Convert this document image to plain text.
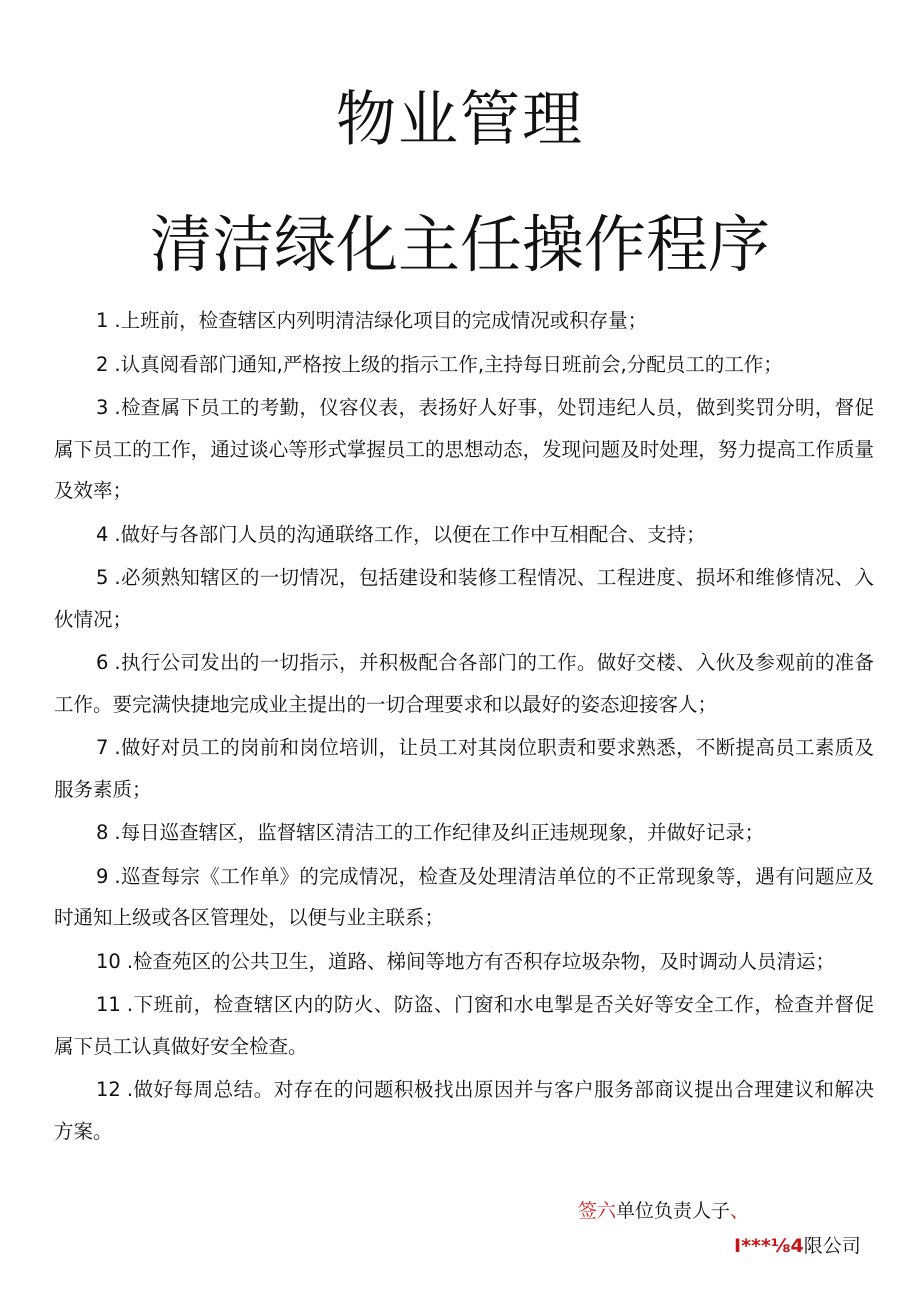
物业管理
清洁绿化主任操作程序
1 .上班前，检查辖区内列明清洁绿化项目的完成情况或积存量；
2 .认真阅看部门通知,严格按上级的指示工作,主持每日班前会,分配员工的工作；
3 .检查属下员工的考勤，仪容仪表，表扬好人好事，处罚违纪人员，做到奖罚分明，督促属下员工的工作，通过谈心等形式掌握员工的思想动态，发现问题及时处理，努力提高工作质量及效率；
4 .做好与各部门人员的沟通联络工作，以便在工作中互相配合、支持；
5 .必须熟知辖区的一切情况，包括建设和装修工程情况、工程进度、损坏和维修情况、入伙情况；
6 .执行公司发出的一切指示，并积极配合各部门的工作。做好交楼、入伙及参观前的准备工作。要完满快捷地完成业主提出的一切合理要求和以最好的姿态迎接客人；
7 .做好对员工的岗前和岗位培训，让员工对其岗位职责和要求熟悉，不断提高员工素质及服务素质；
8 .每日巡查辖区，监督辖区清洁工的工作纪律及纠正违规现象，并做好记录；
9 .巡查每宗《工作单》的完成情况，检查及处理清洁单位的不正常现象等，遇有问题应及时通知上级或各区管理处，以便与业主联系；
10 .检查苑区的公共卫生，道路、梯间等地方有否积存垃圾杂物，及时调动人员清运；
11 .下班前，检查辖区内的防火、防盗、门窗和水电掣是否关好等安全工作，检查并督促属下员工认真做好安全检查。
12 .做好每周总结。对存在的问题积极找出原因并与客户服务部商议提出合理建议和解决方案。
签六单位负责人子、
I***⅛4限公司
